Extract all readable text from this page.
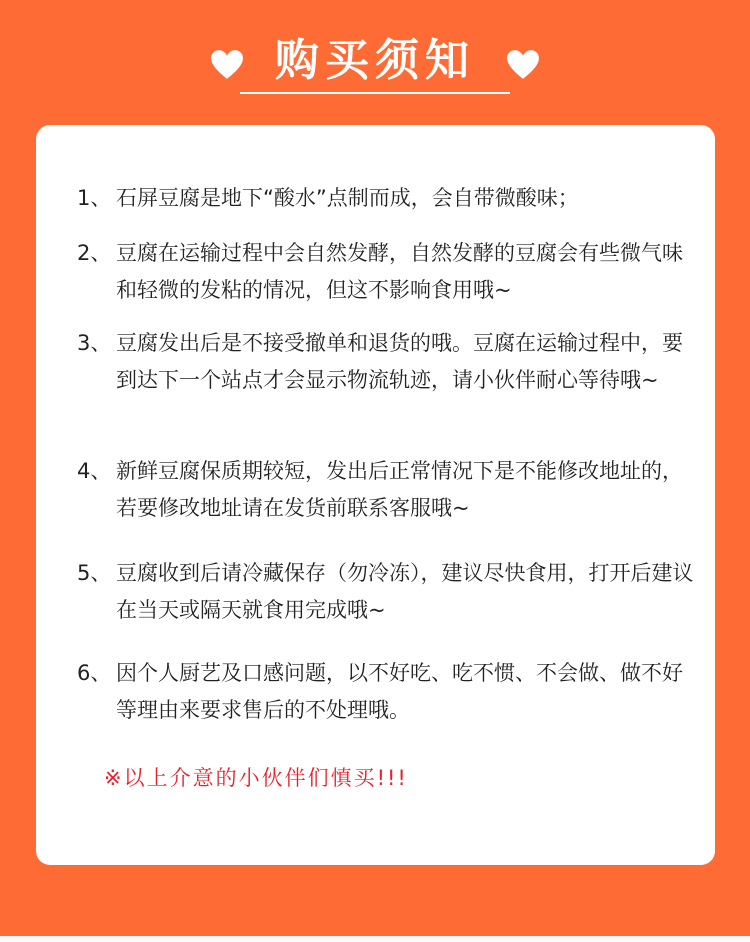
购买须知
※以上介意的小伙伴们慎买!!!
1、 石屏豆腐是地下“酸水”点制而成，会自带微酸味；
2、 豆腐在运输过程中会自然发酵，自然发酵的豆腐会有些微气味和轻微的发粘的情况，但这不影响食用哦~
3、 豆腐发出后是不接受撤单和退货的哦。豆腐在运输过程中，要到达下一个站点才会显示物流轨迹，请小伙伴耐心等待哦~
4、 新鲜豆腐保质期较短，发出后正常情况下是不能修改地址的，若要修改地址请在发货前联系客服哦~
5、 豆腐收到后请冷藏保存（勿冷冻），建议尽快食用，打开后建议在当天或隔天就食用完成哦~
6、 因个人厨艺及口感问题，以不好吃、吃不惯、不会做、做不好等理由来要求售后的不处理哦。
